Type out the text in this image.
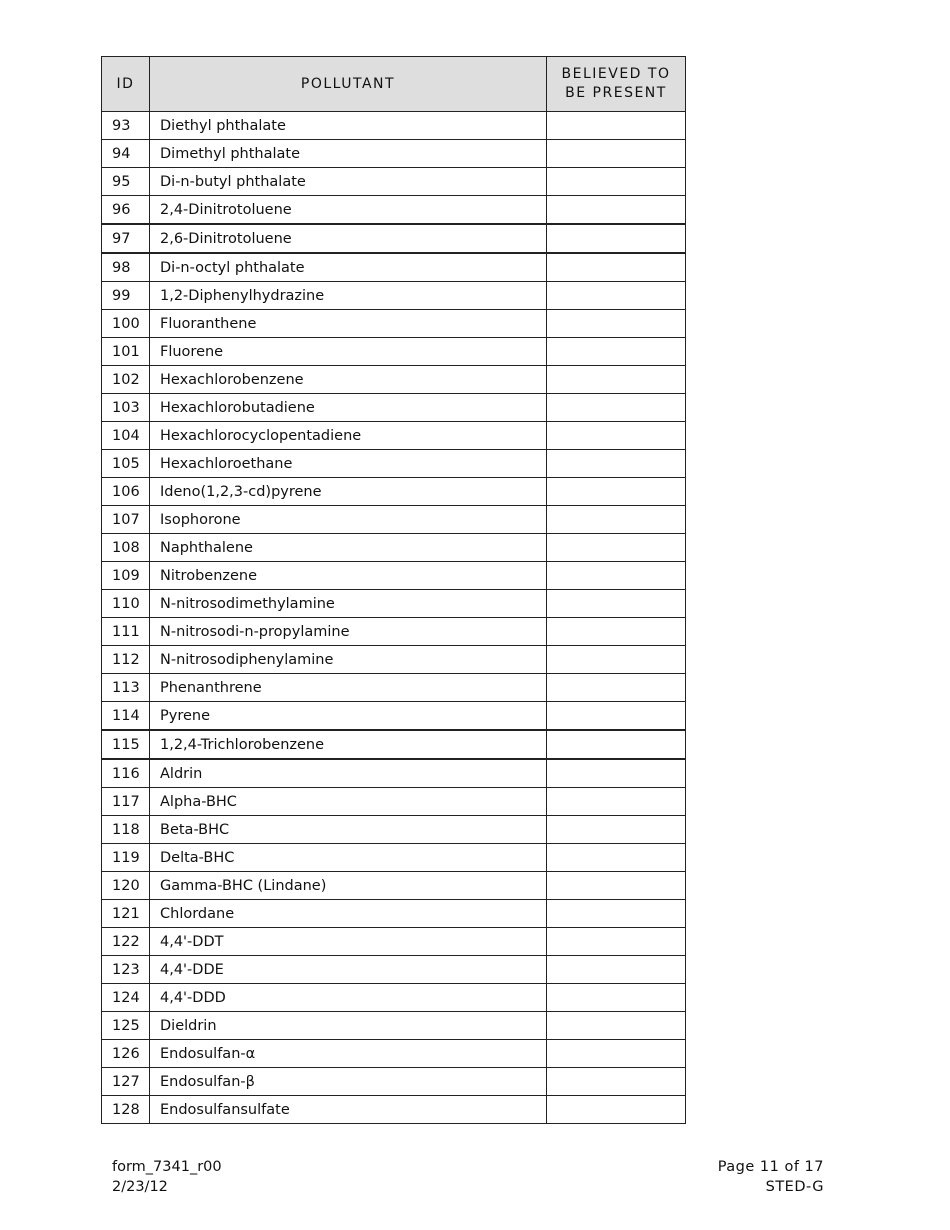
ID	POLLUTANT	BELIEVED TO
BE PRESENT
93	Diethyl phthalate	
94	Dimethyl phthalate	
95	Di-n-butyl phthalate	
96	2,4-Dinitrotoluene	
97	2,6-Dinitrotoluene	
98	Di-n-octyl phthalate	
99	1,2-Diphenylhydrazine	
100	Fluoranthene	
101	Fluorene	
102	Hexachlorobenzene	
103	Hexachlorobutadiene	
104	Hexachlorocyclopentadiene	
105	Hexachloroethane	
106	Ideno(1,2,3-cd)pyrene	
107	Isophorone	
108	Naphthalene	
109	Nitrobenzene	
110	N-nitrosodimethylamine	
111	N-nitrosodi-n-propylamine	
112	N-nitrosodiphenylamine	
113	Phenanthrene	
114	Pyrene	
115	1,2,4-Trichlorobenzene	
116	Aldrin	
117	Alpha-BHC	
118	Beta-BHC	
119	Delta-BHC	
120	Gamma-BHC (Lindane)	
121	Chlordane	
122	4,4'-DDT	
123	4,4'-DDE	
124	4,4'-DDD	
125	Dieldrin	
126	Endosulfan-α	
127	Endosulfan-β	
128	Endosulfansulfate	
form_7341_r00
2/23/12
Page 11 of 17
STED-G
